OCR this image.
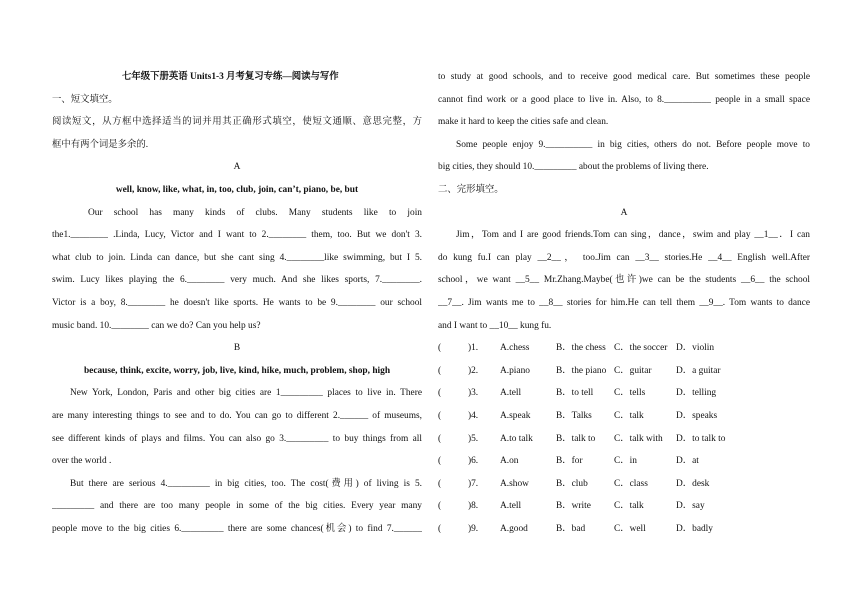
七年级下册英语 Units1-3 月考复习专练—阅读与写作
一、短文填空。
阅读短文，从方框中选择适当的词并用其正确形式填空，使短文通顺、意思完整，方
框中有两个词是多余的.
A
well, know, like, what, in, too, club, join, can’t, piano, be, but
Our school has many kinds of clubs. Many students like to join
the1.________ .Linda, Lucy, Victor and I want to 2.________ them, too. But we don't 3.
what club to join. Linda can dance, but she cant sing 4.________like swimming, but I 5.
swim. Lucy likes playing the 6.________ very much. And she likes sports, 7.________.
Victor is a boy, 8.________ he doesn't like sports. He wants to be 9.________ our school
music band. 10.________ can we do? Can you help us?
B
because, think, excite, worry, job, live, kind, hike, much, problem, shop, high
New York, London, Paris and other big cities are 1_________ places to live in. There
are many interesting things to see and to do. You can go to different 2.______ of museums,
see different kinds of plays and films. You can also go 3._________ to buy things from all
over the world .
But there are serious 4._________ in big cities, too. The cost(费用) of living is 5.
_________ and there are too many people in some of the big cities. Every year many
people move to the big cities 6._________ there are some chances(机会) to find 7.______
to study at good schools, and to receive good medical care. But sometimes these people
cannot find work or a good place to live in. Also, to 8.__________ people in a small space
make it hard to keep the cities safe and clean.
Some people enjoy 9.__________ in big cities, others do not. Before people move to
big cities, they should 10._________ about the problems of living there.
二、完形填空。
A
Jim，Tom and I are good friends.Tom can sing，dance，swim and play __1__．I can
do kung fu.I can play __2__， too.Jim can __3__ stories.He __4__ English well.After
school，we want __5__ Mr.Zhang.Maybe(也许)we can be the students __6__ the school
__7__. Jim wants me to __8__ stories for him.He can tell them __9__. Tom wants to dance
and I want to __10__ kung fu.
(	)1.	A.chess	B．the chess C．the soccer D．violin
(	)2.	A.piano	B．the piano C．guitar	D．a guitar
(	)3.	A.tell	B．to tell	C．tells	D．telling
(	)4.	A.speak	B．Talks	C．talk	D．speaks
(	)5.	A.to talk	B．talk to	C．talk with	D．to talk to
(	)6.	A.on	B．for	C．in	D．at
(	)7.	A.show	B．club	C．class	D．desk
(	)8.	A.tell	B．write	C．talk	D．say
(	)9.	A.good	B．bad	C．well	D．badly
